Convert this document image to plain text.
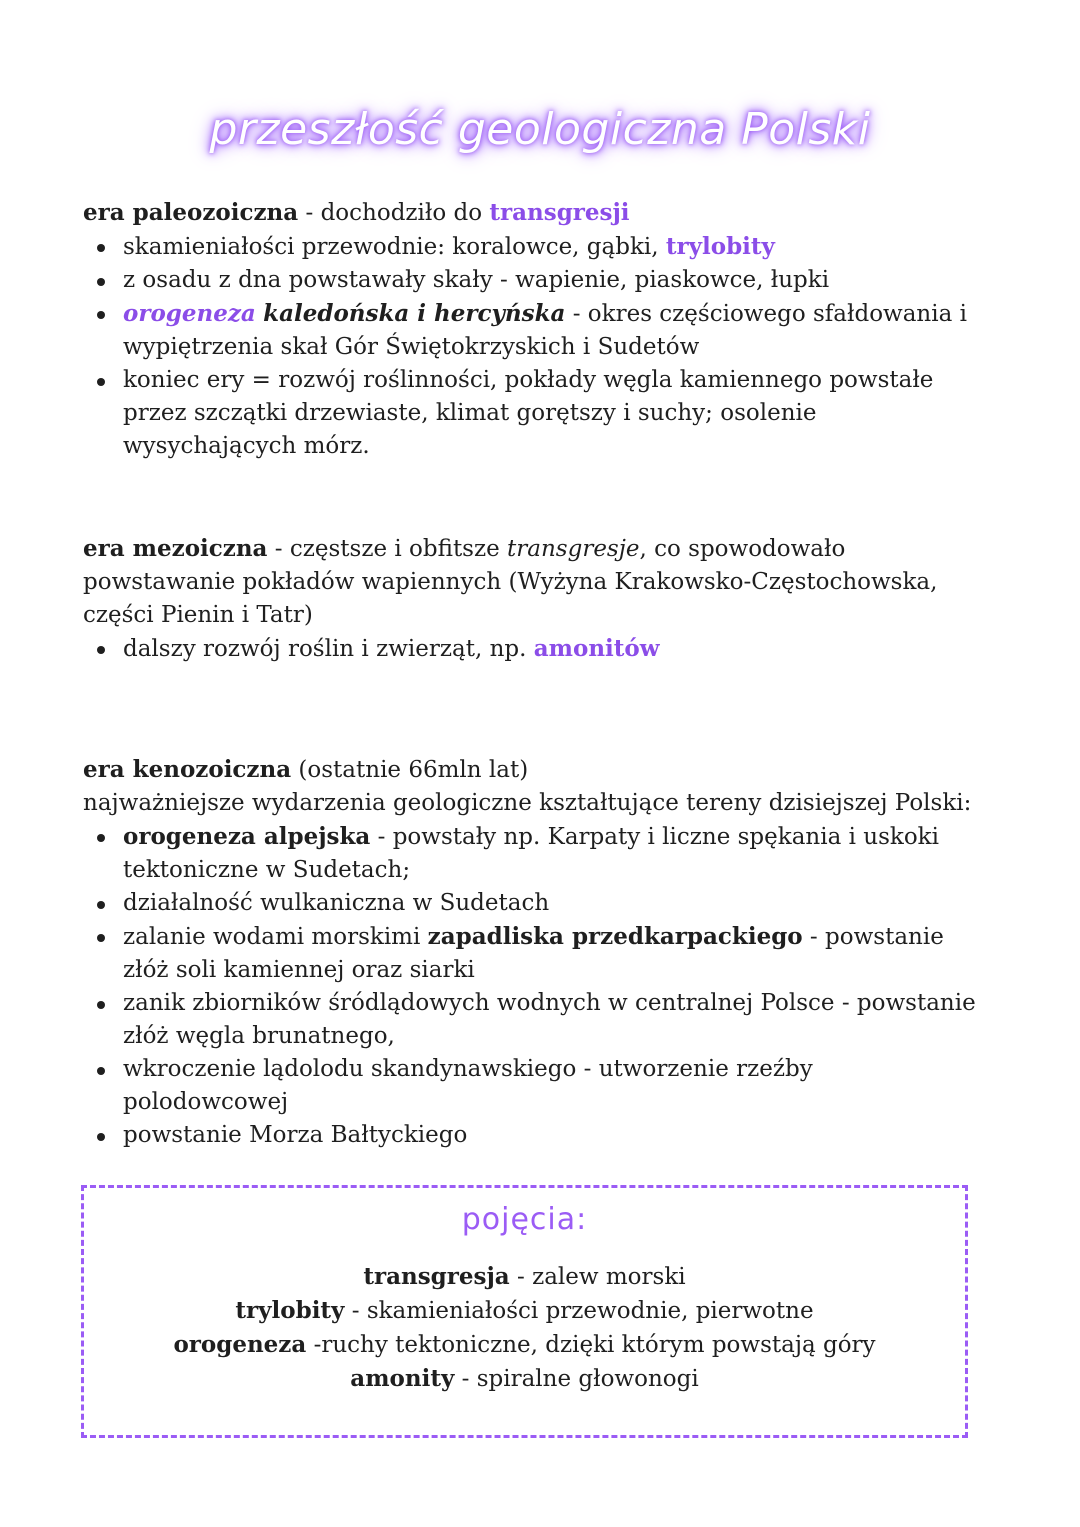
przeszłość geologiczna Polski

era paleozoiczna - dochodziło do transgresji

skamieniałości przewodnie: koralowce, gąbki, trylobity
z osadu z dna powstawały skały - wapienie, piaskowce, łupki
orogeneza kaledońska i hercyńska - okres częściowego sfałdowania i wypiętrzenia skał Gór Świętokrzyskich i Sudetów
koniec ery = rozwój roślinności, pokłady węgla kamiennego powstałe przez szczątki drzewiaste, klimat gorętszy i suchy; osolenie wysychających mórz.

era mezoiczna - częstsze i obfitsze transgresje, co spowodowało powstawanie pokładów wapiennych (Wyżyna Krakowsko-Częstochowska, części Pienin i Tatr)

dalszy rozwój roślin i zwierząt, np. amonitów

era kenozoiczna (ostatnie 66mln lat)

najważniejsze wydarzenia geologiczne kształtujące tereny dzisiejszej Polski:

orogeneza alpejska - powstały np. Karpaty i liczne spękania i uskoki tektoniczne w Sudetach;
działalność wulkaniczna w Sudetach
zalanie wodami morskimi zapadliska przedkarpackiego - powstanie złóż soli kamiennej oraz siarki
zanik zbiorników śródlądowych wodnych w centralnej Polsce - powstanie złóż węgla brunatnego,
wkroczenie lądolodu skandynawskiego - utworzenie rzeźby polodowcowej
powstanie Morza Bałtyckiego
pojęcia:
transgresja - zalew morski
trylobity - skamieniałości przewodnie, pierwotne
orogeneza -ruchy tektoniczne, dzięki którym powstają góry
amonity - spiralne głowonogi
